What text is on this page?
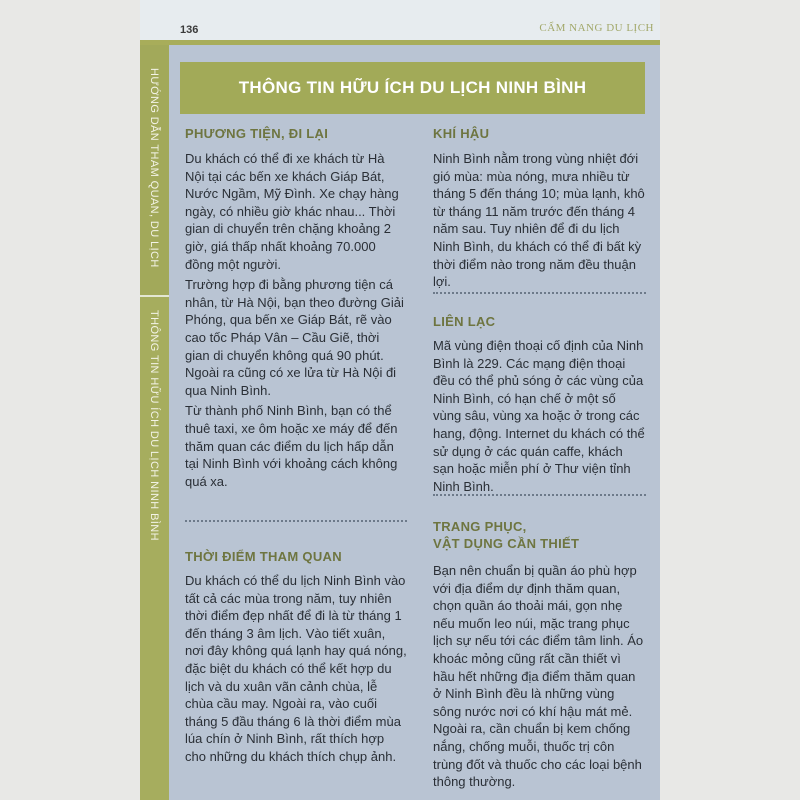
136	CẨM NANG DU LỊCH
HƯỚNG DẪN THAM QUAN, DU LỊCH
THÔNG TIN HỮU ÍCH DU LỊCH NINH BÌNH
THÔNG TIN HỮU ÍCH DU LỊCH NINH BÌNH
PHƯƠNG TIỆN, ĐI LẠI
Du khách có thể đi xe khách từ Hà Nội tại các bến xe khách Giáp Bát, Nước Ngầm, Mỹ Đình. Xe chạy hàng ngày, có nhiều giờ khác nhau... Thời gian di chuyển trên chặng khoảng 2 giờ, giá thấp nhất khoảng 70.000 đồng một người.
Trường hợp đi bằng phương tiện cá nhân, từ Hà Nội, bạn theo đường Giải Phóng, qua bến xe Giáp Bát, rẽ vào cao tốc Pháp Vân – Cầu Giẽ, thời gian di chuyển không quá 90 phút. Ngoài ra cũng có xe lửa từ Hà Nội đi qua Ninh Bình.
Từ thành phố Ninh Bình, bạn có thể thuê taxi, xe ôm hoặc xe máy để đến thăm quan các điểm du lịch hấp dẫn tại Ninh Bình với khoảng cách không quá xa.
THỜI ĐIỂM THAM QUAN
Du khách có thể du lịch Ninh Bình vào tất cả các mùa trong năm, tuy nhiên thời điểm đẹp nhất để đi là từ tháng 1 đến tháng 3 âm lịch. Vào tiết xuân, nơi đây không quá lạnh hay quá nóng, đặc biệt du khách có thể kết hợp du lịch và du xuân vãn cảnh chùa, lễ chùa cầu may. Ngoài ra, vào cuối tháng 5 đầu tháng 6 là thời điểm mùa lúa chín ở Ninh Bình, rất thích hợp cho những du khách thích chụp ảnh.
KHÍ HẬU
Ninh Bình nằm trong vùng nhiệt đới gió mùa: mùa nóng, mưa nhiều từ tháng 5 đến tháng 10; mùa lạnh, khô từ tháng 11 năm trước đến tháng 4 năm sau. Tuy nhiên để đi du lịch Ninh Bình, du khách có thể đi bất kỳ thời điểm nào trong năm đều thuận lợi.
LIÊN LẠC
Mã vùng điện thoại cố định của Ninh Bình là 229. Các mạng điện thoại đều có thể phủ sóng ở các vùng của Ninh Bình, có hạn chế ở một số vùng sâu, vùng xa hoặc ở trong các hang, động. Internet du khách có thể sử dụng ở các quán caffe, khách sạn hoặc miễn phí ở Thư viện tỉnh Ninh Bình.
TRANG PHỤC,
VẬT DỤNG CẦN THIẾT
Bạn nên chuẩn bị quần áo phù hợp với địa điểm dự định thăm quan, chọn quần áo thoải mái, gọn nhẹ nếu muốn leo núi, mặc trang phục lịch sự nếu tới các điểm tâm linh. Áo khoác mỏng cũng rất cần thiết vì hầu hết những địa điểm thăm quan ở Ninh Bình đều là những vùng sông nước nơi có khí hậu mát mẻ. Ngoài ra, cần chuẩn bị kem chống nắng, chống muỗi, thuốc trị côn trùng đốt và thuốc cho các loại bệnh thông thường.
